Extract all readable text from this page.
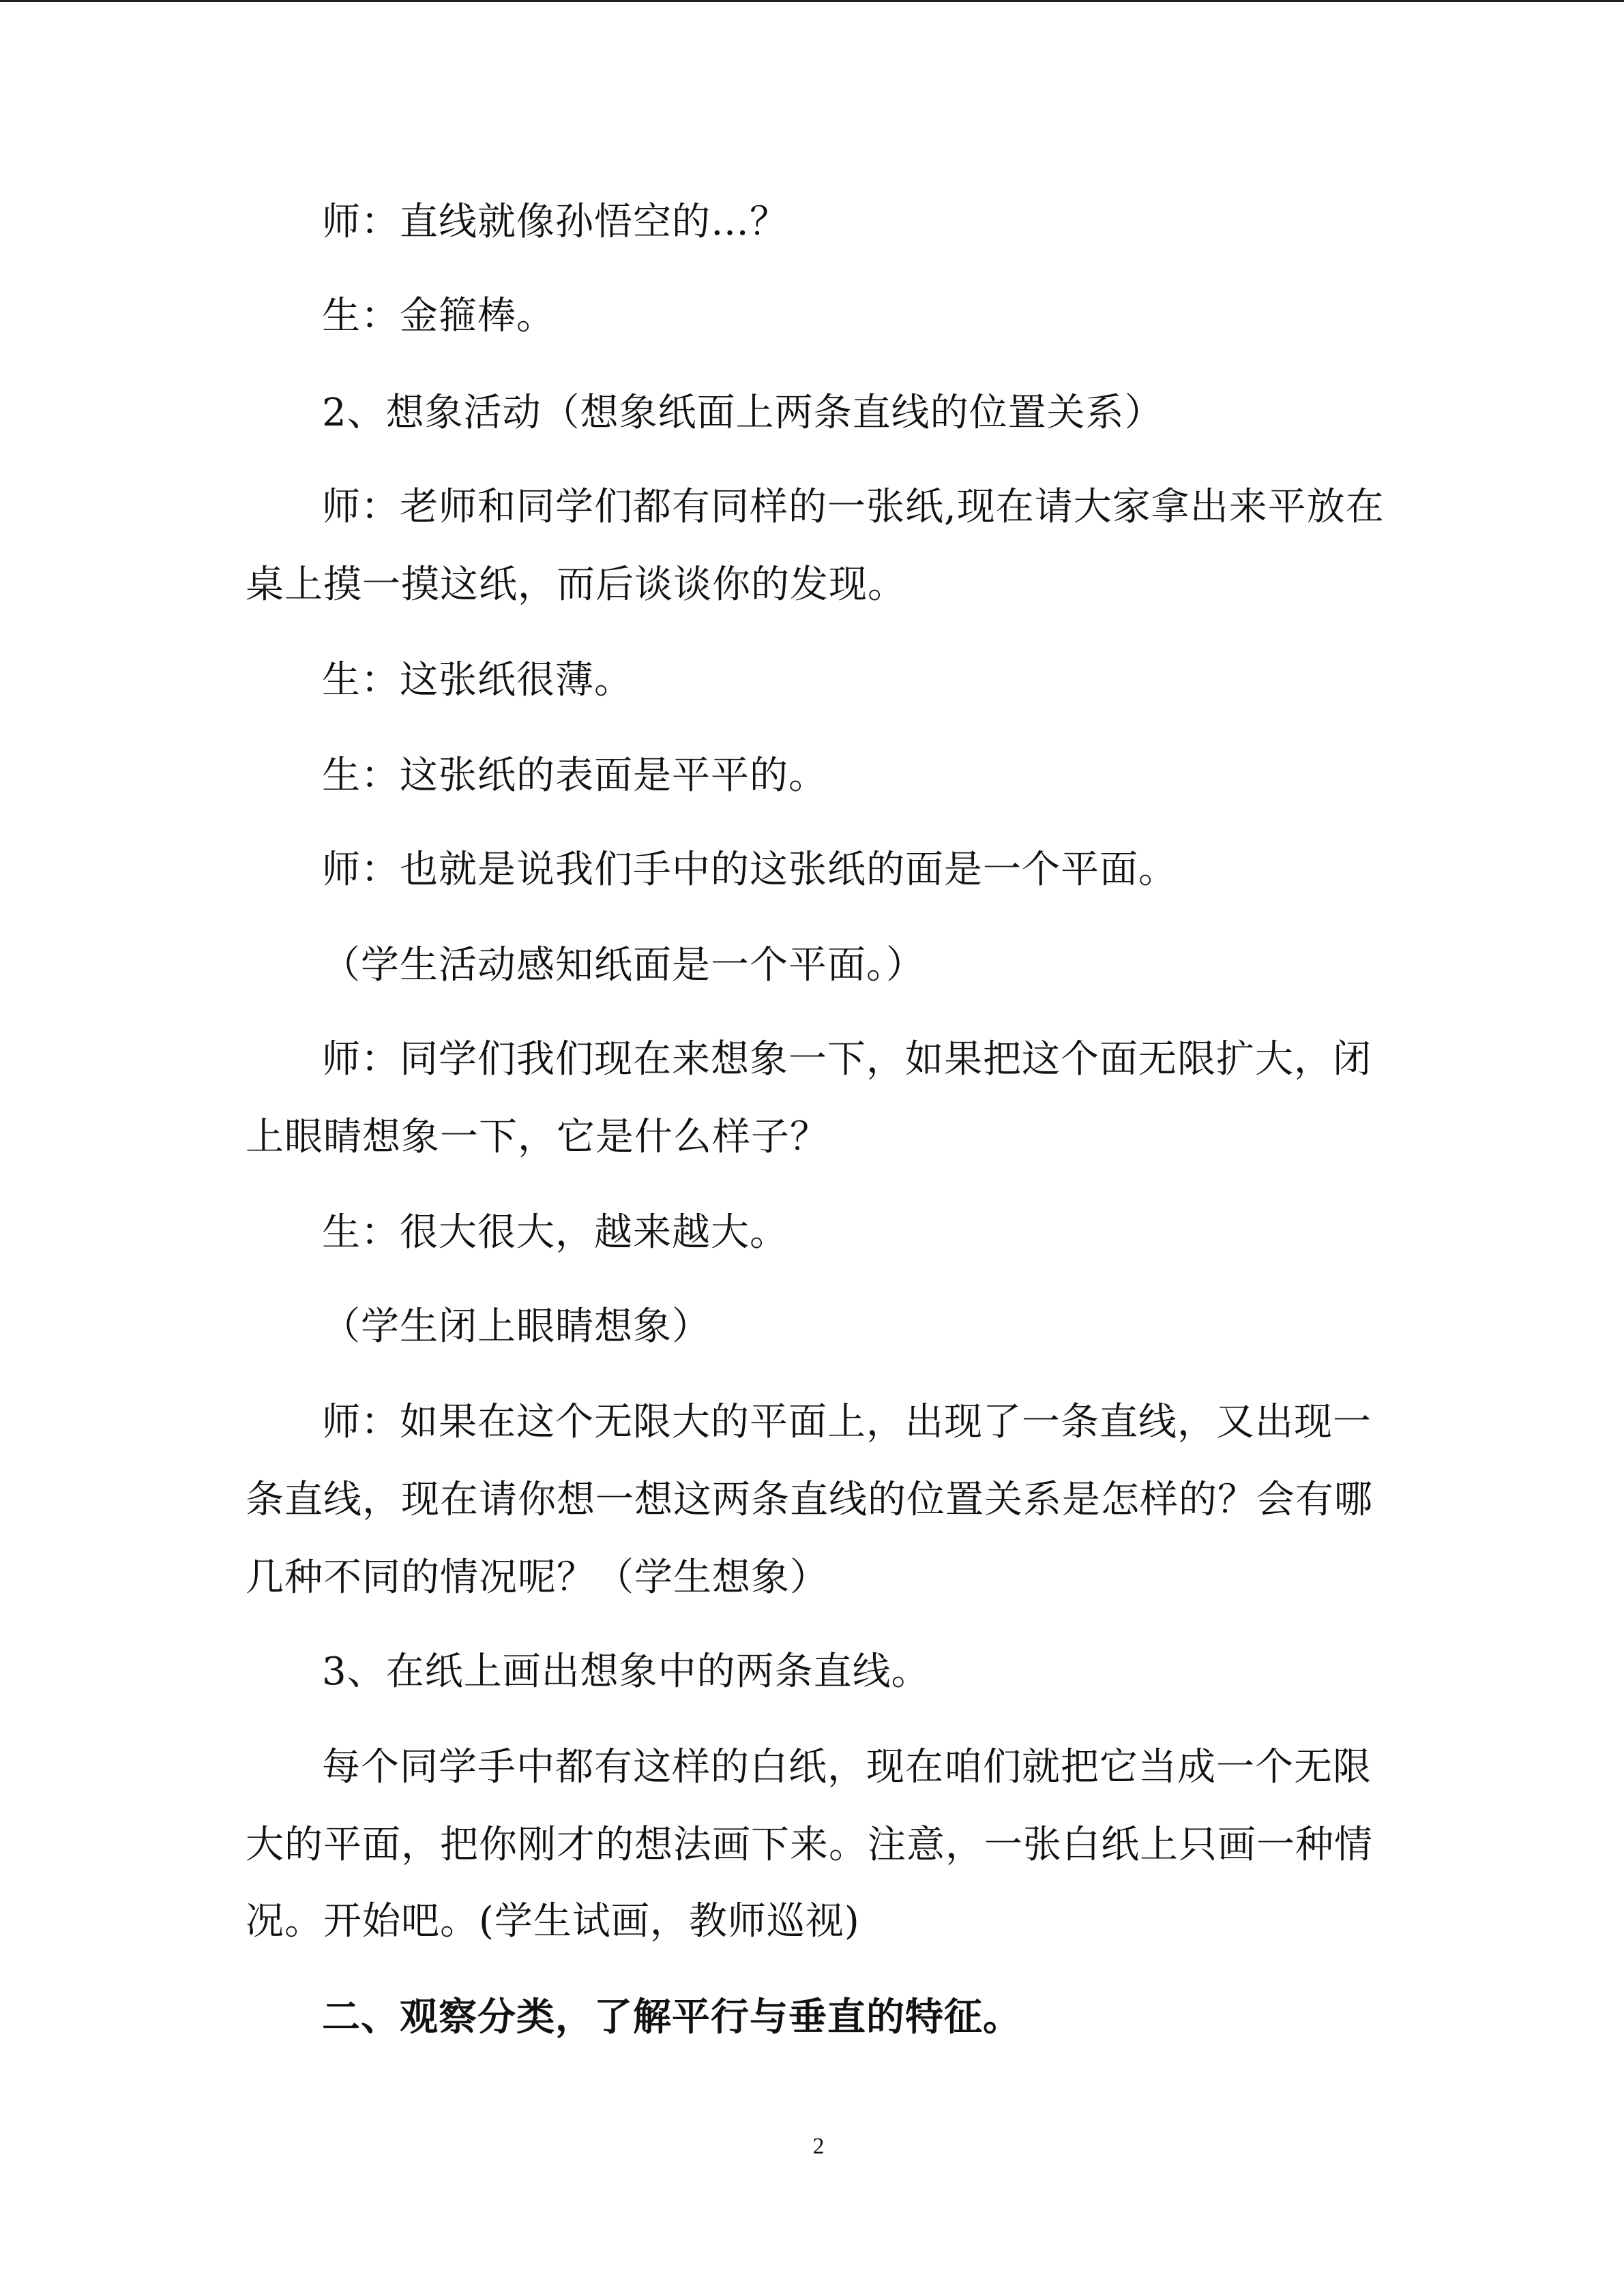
师：直线就像孙悟空的…？
生：金箍棒。
2、想象活动（想象纸面上两条直线的位置关系）
师：老师和同学们都有同样的一张纸,现在请大家拿出来平放在
桌上摸一摸这纸，而后谈谈你的发现。
生：这张纸很薄。
生：这张纸的表面是平平的。
师：也就是说我们手中的这张纸的面是一个平面。
（学生活动感知纸面是一个平面。）
师：同学们我们现在来想象一下，如果把这个面无限扩大，闭
上眼睛想象一下，它是什么样子？
生：很大很大，越来越大。
（学生闭上眼睛想象）
师：如果在这个无限大的平面上，出现了一条直线，又出现一
条直线，现在请你想一想这两条直线的位置关系是怎样的？会有哪
几种不同的情况呢？（学生想象）
3、在纸上画出想象中的两条直线。
每个同学手中都有这样的白纸，现在咱们就把它当成一个无限
大的平面，把你刚才的想法画下来。注意，一张白纸上只画一种情
况。开始吧。(学生试画，教师巡视)
二、观察分类，了解平行与垂直的特征。
2
